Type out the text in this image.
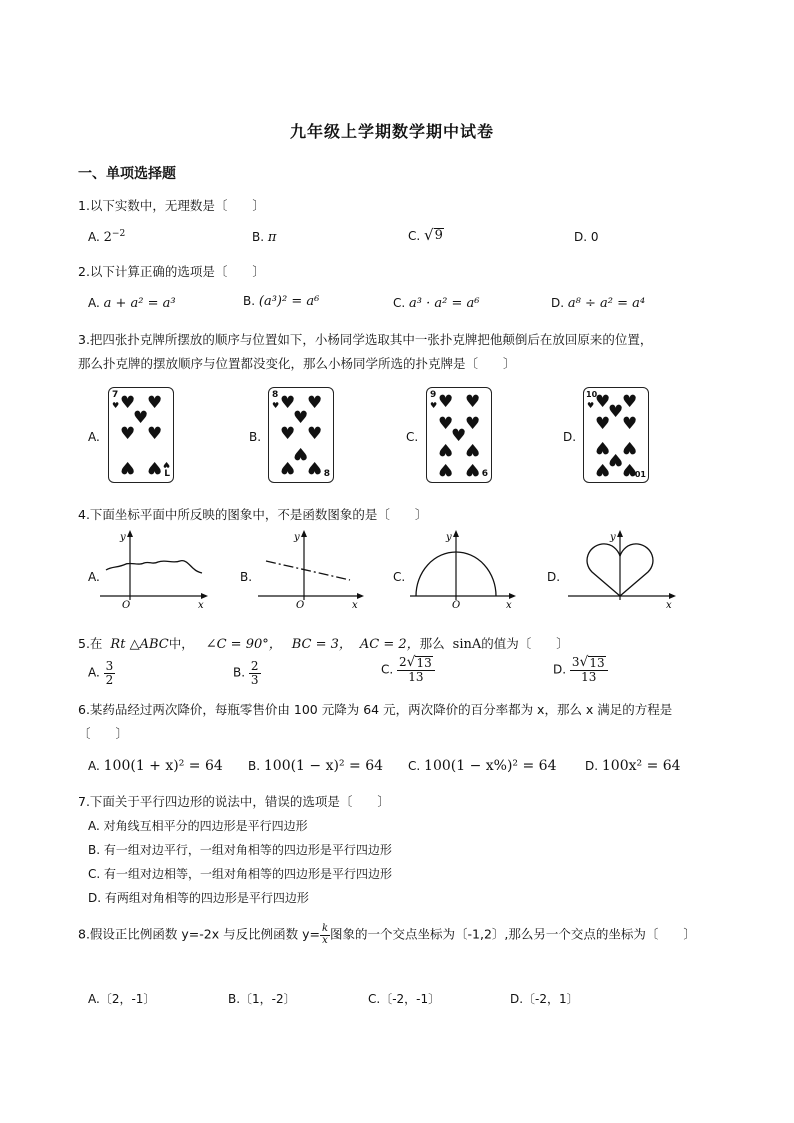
九年级上学期数学期中试卷
一、单项选择题
1.以下实数中，无理数是〔　　〕
A. $2^{-2}$	B. π	C. √ 9	D. 0
2.以下计算正确的选项是〔　　〕
A. a + a² = a³	B. (a³)² = a⁶	C. a³ · a² = a⁶	D. a⁸ ÷ a² = a⁴
3.把四张扑克牌所摆放的顺序与位置如下，小杨同学选取其中一张扑克牌把他颠倒后在放回原来的位置，
那么扑克牌的摆放顺序与位置都没变化，那么小杨同学所选的扑克牌是〔　　〕
A.	B.	C.	D.
7
♥ ♥ ♥
♥
♥ ♥
♥ ♥ ♥
L
8
♥ ♥ ♥
♥
♥ ♥
♥
♥ ♥ 8
9
♥ ♥ ♥
♥ ♥
♥
♥ ♥
♥ ♥ 6
10
♥ ♥ ♥
♥
♥ ♥
♥ ♥
♥
♥ ♥
01
4.下面坐标平面中所反映的图象中，不是函数图象的是〔　　〕
A.	B.	C.	D.
y
x
O
y
x
O
y
x
O
y
x
5.在 Rt △ABC中， ∠C = 90°， BC = 3， AC = 2，那么 sinA的值为〔　　〕
A. $\frac{3}{2}$	B. $\frac{2}{3}$	C. $\frac{2 √ 13}{13}$	D. $\frac{3 √ 13}{13}$
6.某药品经过两次降价，每瓶零售价由 100 元降为 64 元，两次降价的百分率都为 x，那么 x 满足的方程是
〔　　〕
A. 100(1 + x)² = 64 B. 100(1 − x)² = 64 C. 100(1 − x%)² = 64 D. 100x² = 64
7.下面关于平行四边形的说法中，错误的选项是〔　　〕
A. 对角线互相平分的四边形是平行四边形
B. 有一组对边平行，一组对角相等的四边形是平行四边形
C. 有一组对边相等，一组对角相等的四边形是平行四边形
D. 有两组对角相等的四边形是平行四边形
8.假设正比例函数 y=-2x 与反比例函数 $y= \frac{k}{x}$ 图象的一个交点坐标为〔-1,2〕,那么另一个交点的坐标为〔　　〕
A.〔2，-1〕	B.〔1，-2〕	C.〔-2，-1〕	D.〔-2，1〕
